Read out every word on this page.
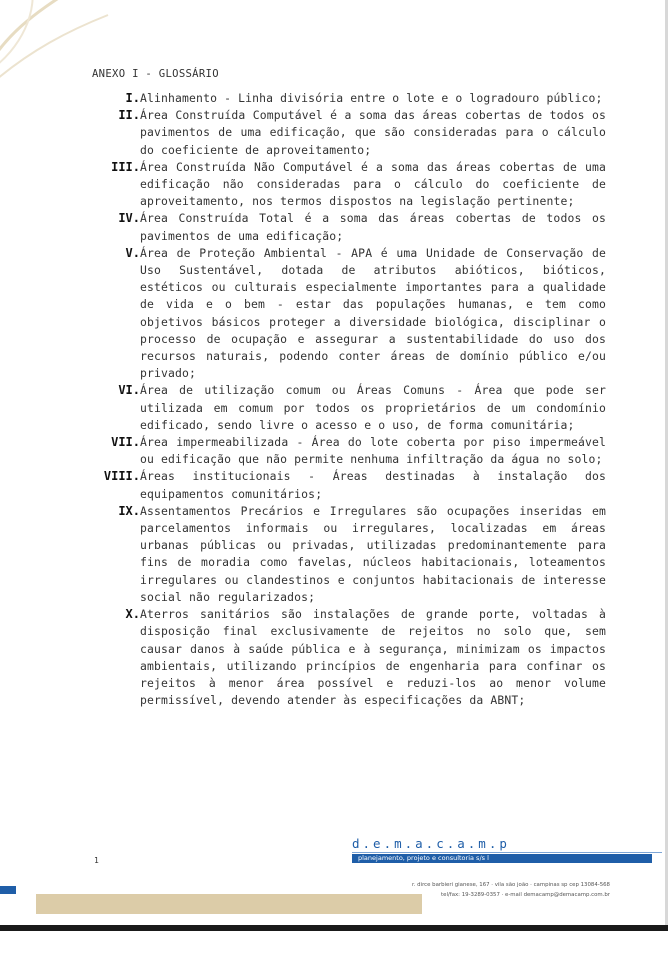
ANEXO I - GLOSSÁRIO
I. Alinhamento - Linha divisória entre o lote e o logradouro público;
II. Área Construída Computável é a soma das áreas cobertas de todos os pavimentos de uma edificação, que são consideradas para o cálculo do coeficiente de aproveitamento;
III. Área Construída Não Computável é a soma das áreas cobertas de uma edificação não consideradas para o cálculo do coeficiente de aproveitamento, nos termos dispostos na legislação pertinente;
IV. Área Construída Total é a soma das áreas cobertas de todos os pavimentos de uma edificação;
V. Área de Proteção Ambiental - APA é uma Unidade de Conservação de Uso Sustentável, dotada de atributos abióticos, bióticos, estéticos ou culturais especialmente importantes para a qualidade de vida e o bem - estar das populações humanas, e tem como objetivos básicos proteger a diversidade biológica, disciplinar o processo de ocupação e assegurar a sustentabilidade do uso dos recursos naturais, podendo conter áreas de domínio público e/ou privado;
VI. Área de utilização comum ou Áreas Comuns - Área que pode ser utilizada em comum por todos os proprietários de um condomínio edificado, sendo livre o acesso e o uso, de forma comunitária;
VII. Área impermeabilizada - Área do lote coberta por piso impermeável ou edificação que não permite nenhuma infiltração da água no solo;
VIII. Áreas institucionais - Áreas destinadas à instalação dos equipamentos comunitários;
IX. Assentamentos Precários e Irregulares são ocupações inseridas em parcelamentos informais ou irregulares, localizadas em áreas urbanas públicas ou privadas, utilizadas predominantemente para fins de moradia como favelas, núcleos habitacionais, loteamentos irregulares ou clandestinos e conjuntos habitacionais de interesse social não regularizados;
X. Aterros sanitários são instalações de grande porte, voltadas à disposição final exclusivamente de rejeitos no solo que, sem causar danos à saúde pública e à segurança, minimizam os impactos ambientais, utilizando princípios de engenharia para confinar os rejeitos à menor área possível e reduzi-los ao menor volume permissível, devendo atender às especificações da ABNT;
d.e.m.a.c.a.m.p
planejamento, projeto e consultoria s/s l
1
r. dirce barbieri gianese, 167 · vila são joão · campinas sp cep 13084-568
tel/fax: 19-3289-0357 · e-mail demacamp@demacamp.com.br
